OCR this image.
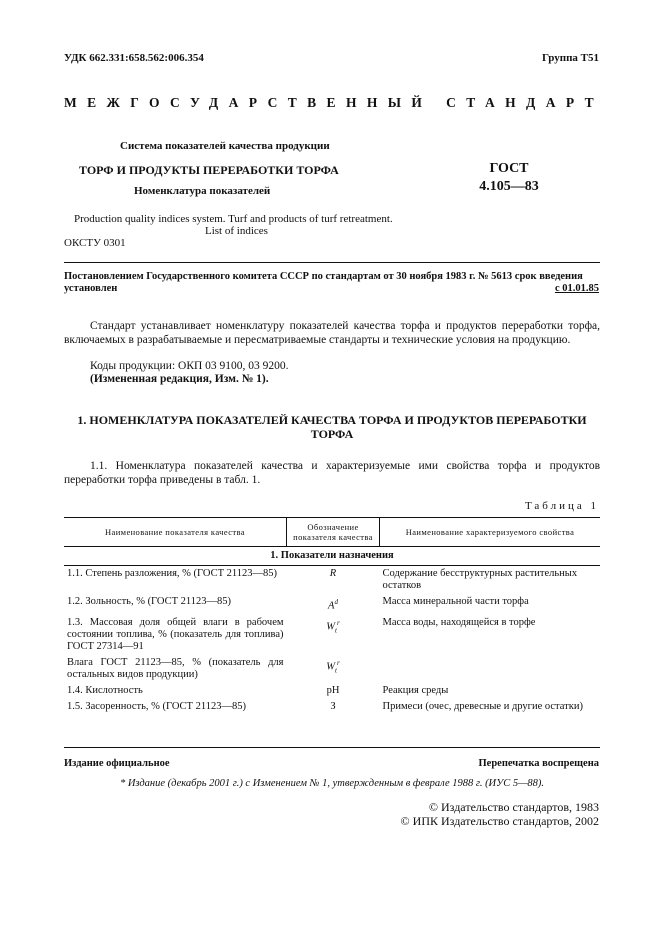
УДК 662.331:658.562:006.354	Группа Т51
МЕЖГОСУДАРСТВЕННЫЙ СТАНДАРТ
Система показателей качества продукции
ТОРФ И ПРОДУКТЫ ПЕРЕРАБОТКИ ТОРФА
Номенклатура показателей
ГОСТ
4.105—83
Production quality indices system. Turf and products of turf retreatment.
List of indices
ОКСТУ 0301
Постановлением Государственного комитета СССР по стандартам от 30 ноября 1983 г. № 5613 срок введения установлен	с 01.01.85
Стандарт устанавливает номенклатуру показателей качества торфа и продуктов переработки торфа, включаемых в разрабатываемые и пересматриваемые стандарты и технические условия на продукцию.
Коды продукции: ОКП 03 9100, 03 9200.
(Измененная редакция, Изм. № 1).
1. НОМЕНКЛАТУРА ПОКАЗАТЕЛЕЙ КАЧЕСТВА ТОРФА И ПРОДУКТОВ ПЕРЕРАБОТКИ ТОРФА
1.1. Номенклатура показателей качества и характеризуемые ими свойства торфа и продуктов переработки торфа приведены в табл. 1.
Таблица 1
Наименование показателя качества	Обозначение показателя качества	Наименование характеризуемого свойства
1. Показатели назначения		
1.1. Степень разложения, % (ГОСТ 21123—85)	R	Содержание бесструктурных растительных остатков
1.2. Зольность, % (ГОСТ 21123—85)	$A^d$	Масса минеральной части торфа
1.3. Массовая доля общей влаги в рабочем состоянии топлива, % (показатель для топлива) ГОСТ 27314—91	$W_t^r$	Масса воды, находящейся в торфе
Влага ГОСТ 21123—85, % (показатель для остальных видов продукции)	$W_t^r$	
1.4. Кислотность	pH	Реакция среды
1.5. Засоренность, % (ГОСТ 21123—85)	З	Примеси (очес, древесные и другие остатки)
Издание официальное	Перепечатка воспрещена
* Издание (декабрь 2001 г.) с Изменением № 1, утвержденным в феврале 1988 г. (ИУС 5—88).
© Издательство стандартов, 1983
© ИПК Издательство стандартов, 2002
